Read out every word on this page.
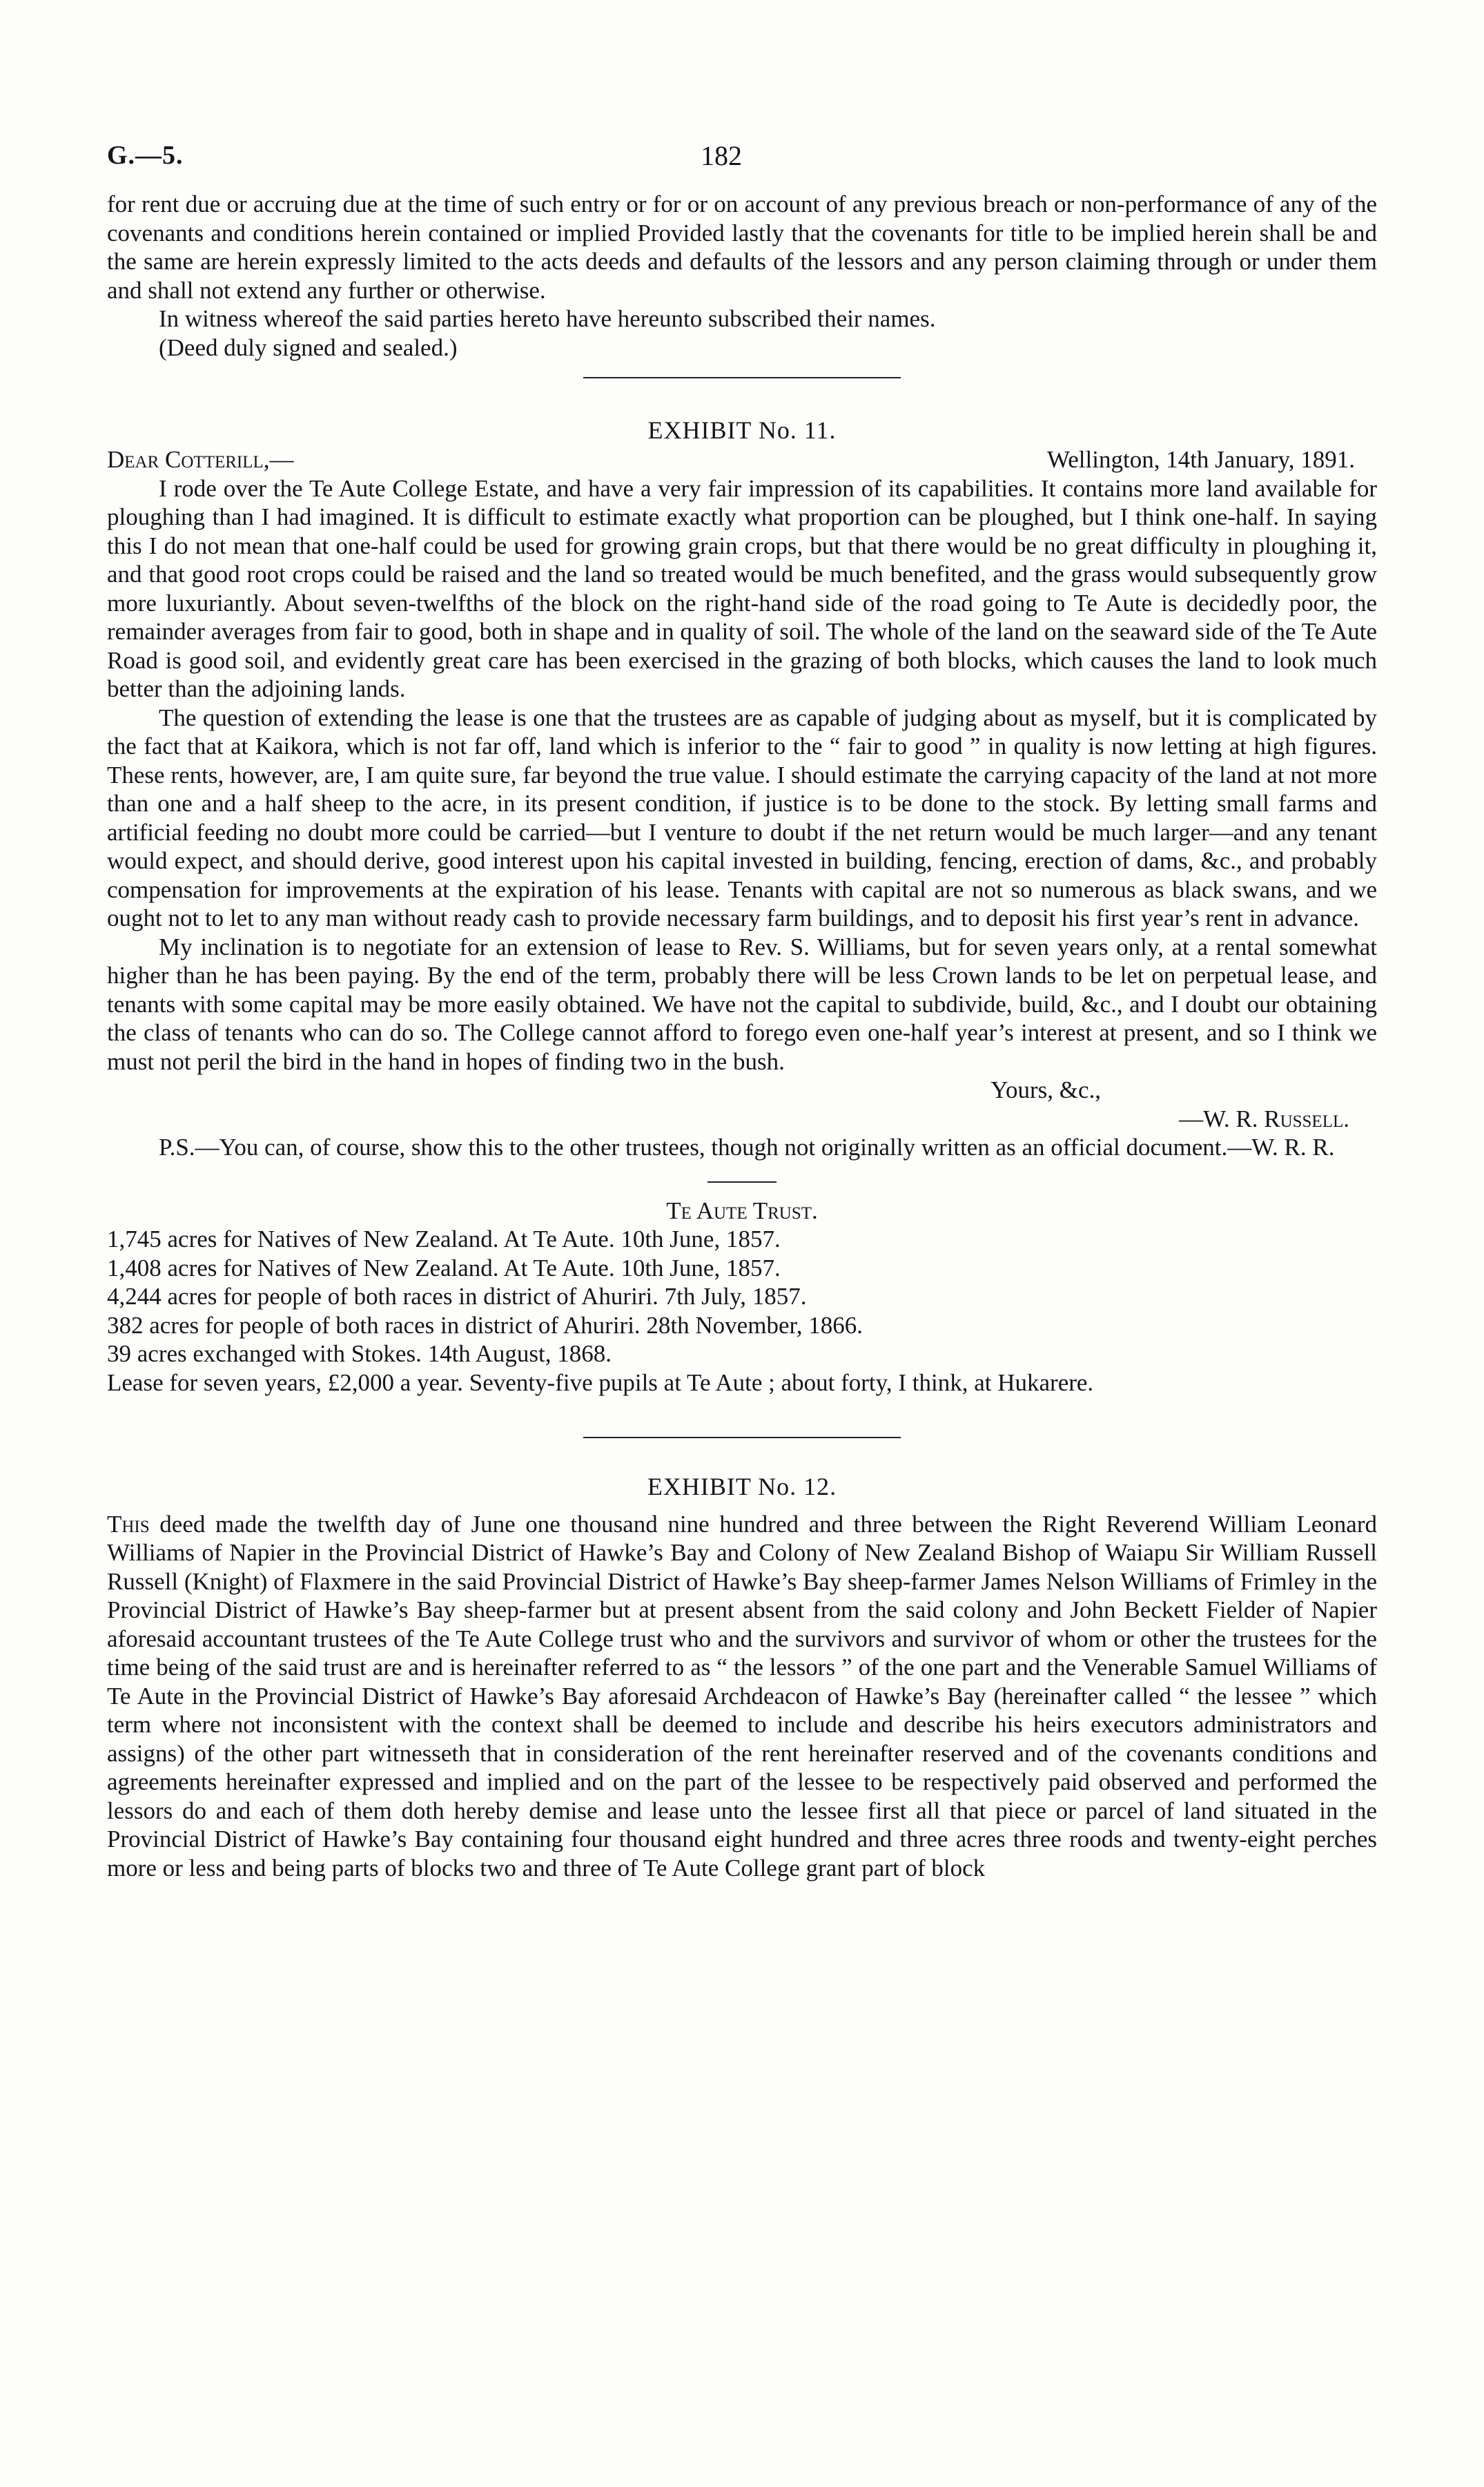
G.—5.	182

for rent due or accruing due at the time of such entry or for or on account of any previous breach or non-performance of any of the covenants and conditions herein contained or implied Provided lastly that the covenants for title to be implied herein shall be and the same are herein expressly limited to the acts deeds and defaults of the lessors and any person claiming through or under them and shall not extend any further or otherwise.

In witness whereof the said parties hereto have hereunto subscribed their names.

(Deed duly signed and sealed.)

EXHIBIT No. 11.
Dear Cotterill,—	Wellington, 14th January, 1891.

I rode over the Te Aute College Estate, and have a very fair impression of its capabilities. It contains more land available for ploughing than I had imagined. It is difficult to estimate exactly what proportion can be ploughed, but I think one-half. In saying this I do not mean that one-half could be used for growing grain crops, but that there would be no great difficulty in ploughing it, and that good root crops could be raised and the land so treated would be much benefited, and the grass would subsequently grow more luxuriantly. About seven-twelfths of the block on the right-hand side of the road going to Te Aute is decidedly poor, the remainder averages from fair to good, both in shape and in quality of soil. The whole of the land on the seaward side of the Te Aute Road is good soil, and evidently great care has been exercised in the grazing of both blocks, which causes the land to look much better than the adjoining lands.

The question of extending the lease is one that the trustees are as capable of judging about as myself, but it is complicated by the fact that at Kaikora, which is not far off, land which is inferior to the “ fair to good ” in quality is now letting at high figures. These rents, however, are, I am quite sure, far beyond the true value. I should estimate the carrying capacity of the land at not more than one and a half sheep to the acre, in its present condition, if justice is to be done to the stock. By letting small farms and artificial feeding no doubt more could be carried—but I venture to doubt if the net return would be much larger—and any tenant would expect, and should derive, good interest upon his capital invested in building, fencing, erection of dams, &c., and probably compensation for improvements at the expiration of his lease. Tenants with capital are not so numerous as black swans, and we ought not to let to any man without ready cash to provide necessary farm buildings, and to deposit his first year’s rent in advance.

My inclination is to negotiate for an extension of lease to Rev. S. Williams, but for seven years only, at a rental somewhat higher than he has been paying. By the end of the term, probably there will be less Crown lands to be let on perpetual lease, and tenants with some capital may be more easily obtained. We have not the capital to subdivide, build, &c., and I doubt our obtaining the class of tenants who can do so. The College cannot afford to forego even one-half year’s interest at present, and so I think we must not peril the bird in the hand in hopes of finding two in the bush.

Yours, &c.,
—W. R. Russell.

P.S.—You can, of course, show this to the other trustees, though not originally written as an official document.—W. R. R.

Te Aute Trust.
1,745 acres for Natives of New Zealand. At Te Aute. 10th June, 1857.
1,408 acres for Natives of New Zealand. At Te Aute. 10th June, 1857.
4,244 acres for people of both races in district of Ahuriri. 7th July, 1857.
382 acres for people of both races in district of Ahuriri. 28th November, 1866.
39 acres exchanged with Stokes. 14th August, 1868.
Lease for seven years, £2,000 a year. Seventy-five pupils at Te Aute ; about forty, I think, at Hukarere.
EXHIBIT No. 12.

This deed made the twelfth day of June one thousand nine hundred and three between the Right Reverend William Leonard Williams of Napier in the Provincial District of Hawke’s Bay and Colony of New Zealand Bishop of Waiapu Sir William Russell Russell (Knight) of Flaxmere in the said Provincial District of Hawke’s Bay sheep-farmer James Nelson Williams of Frimley in the Provincial District of Hawke’s Bay sheep-farmer but at present absent from the said colony and John Beckett Fielder of Napier aforesaid accountant trustees of the Te Aute College trust who and the survivors and survivor of whom or other the trustees for the time being of the said trust are and is hereinafter referred to as “ the lessors ” of the one part and the Venerable Samuel Williams of Te Aute in the Provincial District of Hawke’s Bay aforesaid Archdeacon of Hawke’s Bay (hereinafter called “ the lessee ” which term where not inconsistent with the context shall be deemed to include and describe his heirs executors administrators and assigns) of the other part witnesseth that in consideration of the rent hereinafter reserved and of the covenants conditions and agreements hereinafter expressed and implied and on the part of the lessee to be respectively paid observed and performed the lessors do and each of them doth hereby demise and lease unto the lessee first all that piece or parcel of land situated in the Provincial District of Hawke’s Bay containing four thousand eight hundred and three acres three roods and twenty-eight perches more or less and being parts of blocks two and three of Te Aute College grant part of block
